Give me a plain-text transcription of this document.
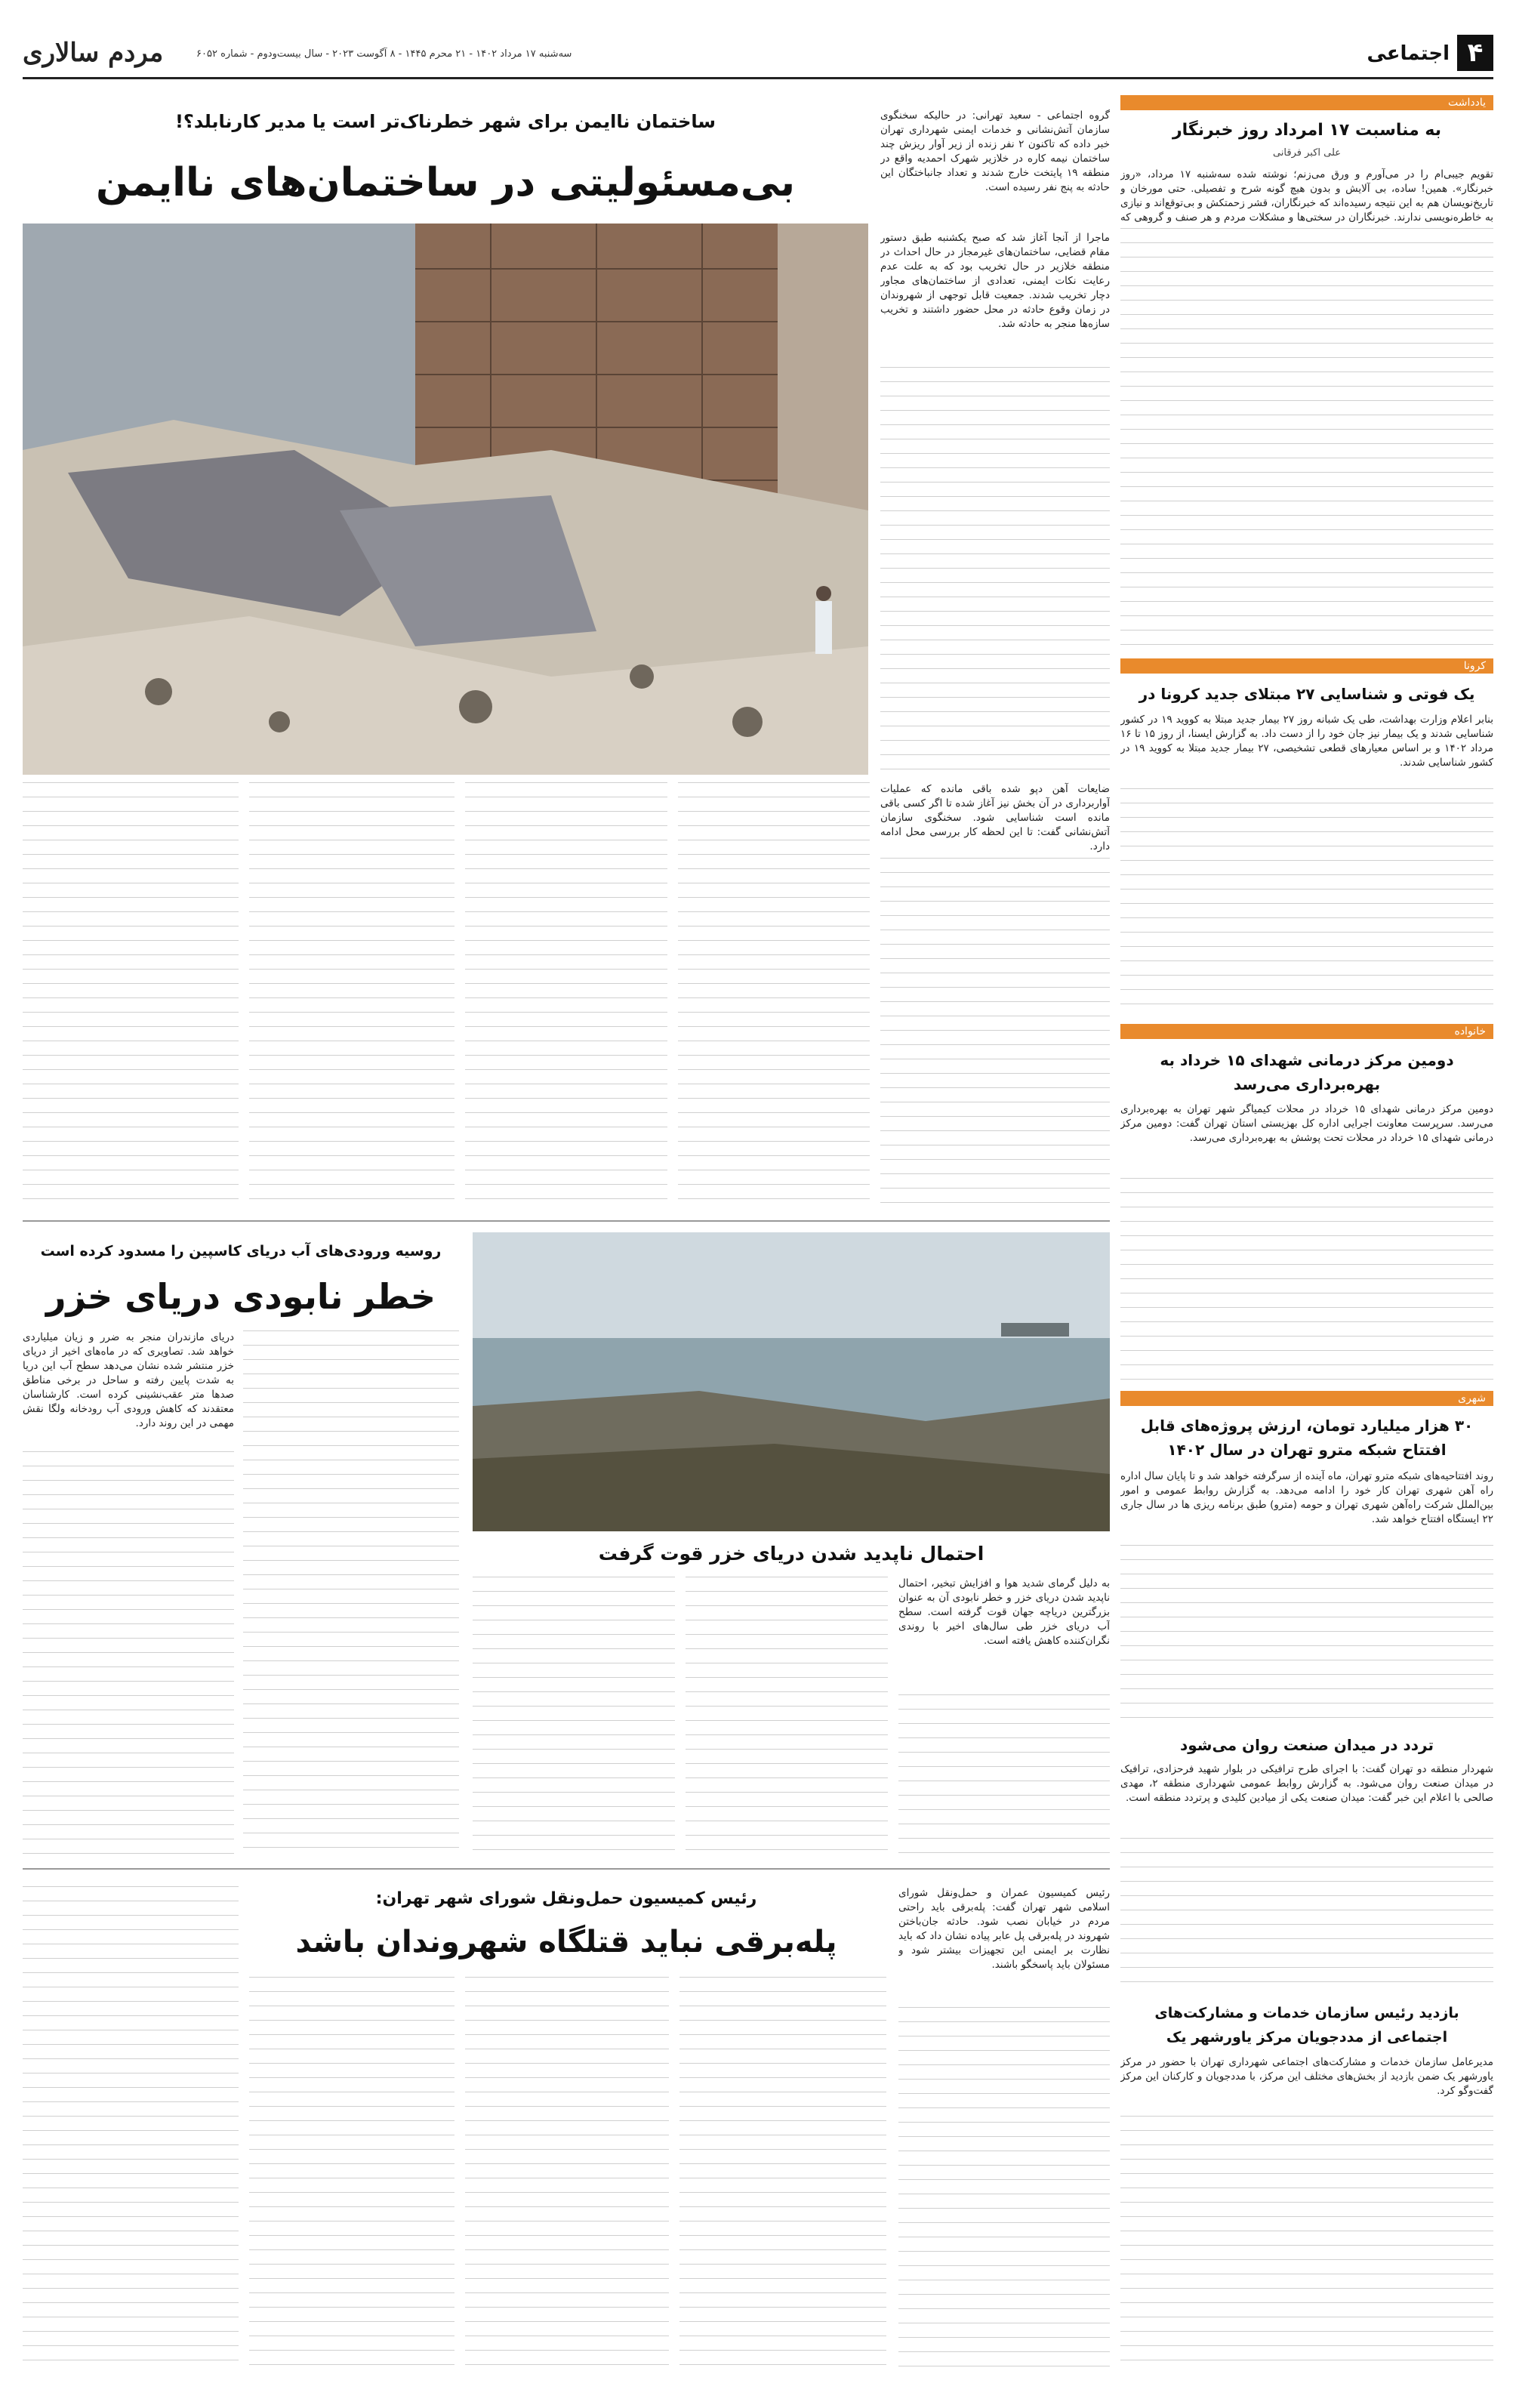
۴
اجتماعی
مردم سالاری	سه‌شنبه ۱۷ مرداد ۱۴۰۲ - ۲۱ محرم ۱۴۴۵ - ۸ آگوست ۲۰۲۳ - سال بیست‌ودوم - شماره ۶۰۵۲
یادداشت
به مناسبت ۱۷ امرداد روز خبرنگار
علی اکبر فرقانی
تقویم جیبی‌ام را در می‌آورم و ورق می‌زنم؛ نوشته شده سه‌شنبه ۱۷ مرداد، «روز خبرنگار». همین! ساده، بی آلایش و بدون هیچ گونه شرح و تفصیلی. حتی مورخان و تاریخ‌نویسان هم به این نتیجه رسیده‌اند که خبرنگاران، قشر زحمتکش و بی‌توقع‌اند و نیازی به خاطره‌نویسی ندارند. خبرنگاران در سختی‌ها و مشکلات مردم و هر صنف و گروهی که
کرونا
یک فوتی و شناسایی ۲۷ مبتلای جدید کرونا در
بنابر اعلام وزارت بهداشت، طی یک شبانه روز ۲۷ بیمار جدید مبتلا به کووید ۱۹ در کشور شناسایی شدند و یک بیمار نیز جان خود را از دست داد. به گزارش ایسنا، از روز ۱۵ تا ۱۶ مرداد ۱۴۰۲ و بر اساس معیارهای قطعی تشخیصی، ۲۷ بیمار جدید مبتلا به کووید ۱۹ در کشور شناسایی شدند.
خانواده
دومین مرکز درمانی شهدای ۱۵ خرداد به بهره‌برداری می‌رسد
دومین مرکز درمانی شهدای ۱۵ خرداد در محلات کیمیاگر شهر تهران به بهره‌برداری می‌رسد. سرپرست معاونت اجرایی اداره کل بهزیستی استان تهران گفت: دومین مرکز درمانی شهدای ۱۵ خرداد در محلات تحت پوشش به بهره‌برداری می‌رسد.
شهری
۳۰ هزار میلیارد تومان، ارزش پروژه‌های قابل افتتاح شبکه مترو تهران در سال ۱۴۰۲
روند افتتاحیه‌های شبکه مترو تهران، ماه آینده از سرگرفته خواهد شد و تا پایان سال اداره راه آهن شهری تهران کار خود را ادامه می‌دهد. به گزارش روابط عمومی و امور بین‌الملل شرکت راه‌آهن شهری تهران و حومه (مترو) طبق برنامه ریزی ها در سال جاری ۲۲ ایستگاه افتتاح خواهد شد.
تردد در میدان صنعت روان می‌شود
شهردار منطقه دو تهران گفت: با اجرای طرح ترافیکی در بلوار شهید فرحزادی، ترافیک در میدان صنعت روان می‌شود. به گزارش روابط عمومی شهرداری منطقه ۲، مهدی صالحی با اعلام این خبر گفت: میدان صنعت یکی از میادین کلیدی و پرتردد منطقه است.
بازدید رئیس سازمان خدمات و مشارکت‌های اجتماعی از مددجویان مرکز یاورشهر یک
مدیرعامل سازمان خدمات و مشارکت‌های اجتماعی شهرداری تهران با حضور در مرکز یاورشهر یک ضمن بازدید از بخش‌های مختلف این مرکز، با مددجویان و کارکنان این مرکز گفت‌وگو کرد.
ساختمان ناایمن برای شهر خطرناک‌تر است یا مدیر کارنابلد؟!
بی‌مسئولیتی در ساختمان‌های ناایمن
گروه اجتماعی - سعید تهرانی: در حالیکه سخنگوی سازمان آتش‌نشانی و خدمات ایمنی شهرداری تهران خبر داده که تاکنون ۲ نفر زنده از زیر آوار ریزش چند ساختمان نیمه کاره در خلازیر شهرک احمدیه واقع در منطقه ۱۹ پایتخت خارج شدند و تعداد جانباختگان این حادثه به پنج نفر رسیده است.
ماجرا از آنجا آغاز شد که صبح یکشنبه طبق دستور مقام قضایی، ساختمان‌های غیرمجاز در حال احداث در منطقه خلازیر در حال تخریب بود که به علت عدم رعایت نکات ایمنی، تعدادی از ساختمان‌های مجاور دچار تخریب شدند. جمعیت قابل توجهی از شهروندان در زمان وقوع حادثه در محل حضور داشتند و تخریب سازه‌ها منجر به حادثه شد.
ضایعات آهن دپو شده باقی مانده که عملیات آواربرداری در آن بخش نیز آغاز شده تا اگر کسی باقی مانده است شناسایی شود. سخنگوی سازمان آتش‌نشانی گفت: تا این لحظه کار بررسی محل ادامه دارد.
روسیه ورودی‌های آب دریای کاسپین را مسدود کرده است
خطر نابودی دریای خزر
دریای مازندران منجر به ضرر و زیان میلیاردی خواهد شد. تصاویری که در ماه‌های اخیر از دریای خزر منتشر شده نشان می‌دهد سطح آب این دریا به شدت پایین رفته و ساحل در برخی مناطق صدها متر عقب‌نشینی کرده است. کارشناسان معتقدند که کاهش ورودی آب رودخانه ولگا نقش مهمی در این روند دارد.
احتمال ناپدید شدن دریای خزر قوت گرفت
به دلیل گرمای شدید هوا و افزایش تبخیر، احتمال ناپدید شدن دریای خزر و خطر نابودی آن به عنوان بزرگترین دریاچه جهان قوت گرفته است. سطح آب دریای خزر طی سال‌های اخیر با روندی نگران‌کننده کاهش یافته است.
رئیس کمیسیون حمل‌ونقل شورای شهر تهران:
پله‌برقی نباید قتلگاه شهروندان باشد
رئیس کمیسیون عمران و حمل‌ونقل شورای اسلامی شهر تهران گفت: پله‌برقی باید راحتی مردم در خیابان نصب شود. حادثه جان‌باختن شهروند در پله‌برقی پل عابر پیاده نشان داد که باید نظارت بر ایمنی این تجهیزات بیشتر شود و مسئولان باید پاسخگو باشند.
